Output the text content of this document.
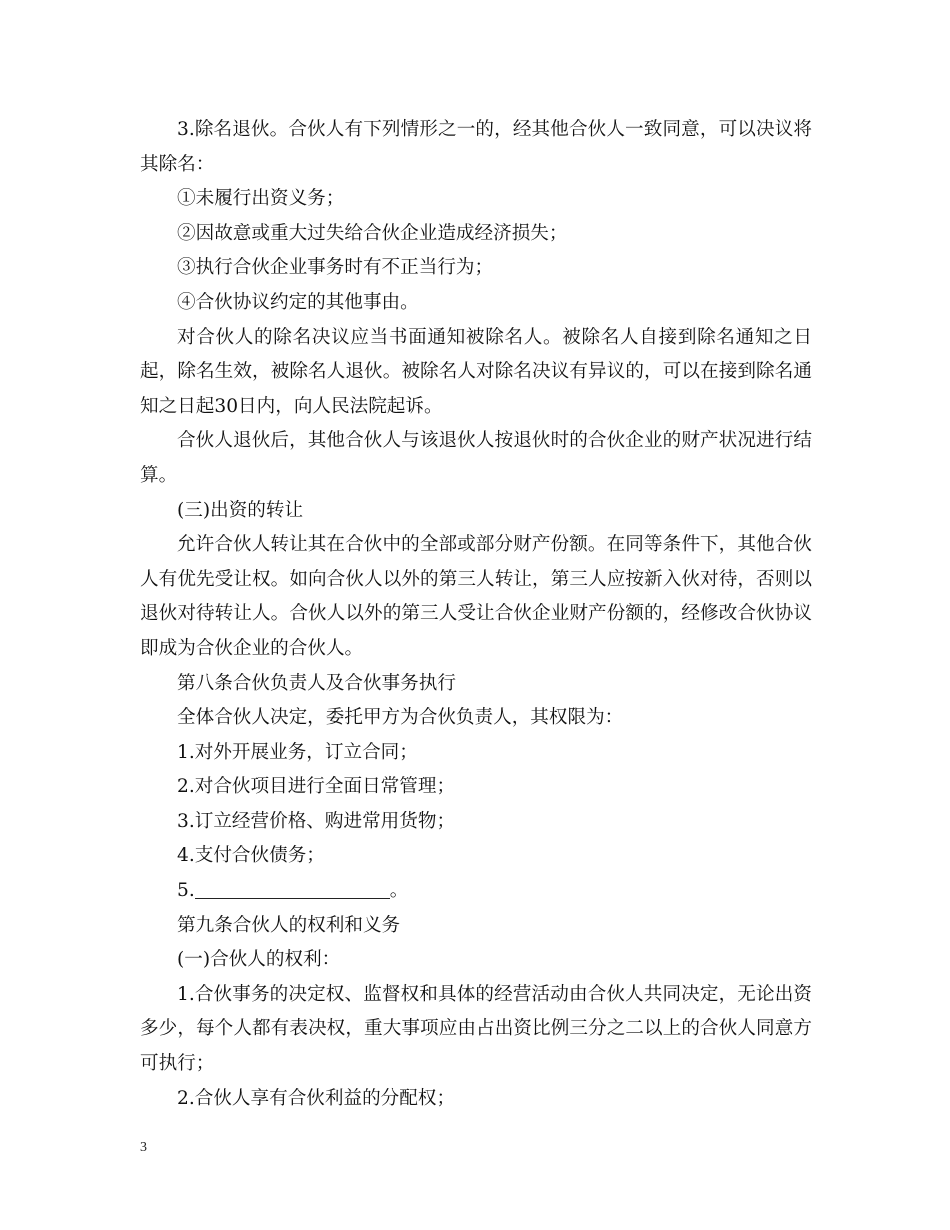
3.除名退伙。合伙人有下列情形之一的，经其他合伙人一致同意，可以决议将其除名：

①未履行出资义务；

②因故意或重大过失给合伙企业造成经济损失；

③执行合伙企业事务时有不正当行为；

④合伙协议约定的其他事由。

对合伙人的除名决议应当书面通知被除名人。被除名人自接到除名通知之日起，除名生效，被除名人退伙。被除名人对除名决议有异议的，可以在接到除名通知之日起30日内，向人民法院起诉。

合伙人退伙后，其他合伙人与该退伙人按退伙时的合伙企业的财产状况进行结算。

(三)出资的转让

允许合伙人转让其在合伙中的全部或部分财产份额。在同等条件下，其他合伙人有优先受让权。如向合伙人以外的第三人转让，第三人应按新入伙对待，否则以退伙对待转让人。合伙人以外的第三人受让合伙企业财产份额的，经修改合伙协议即成为合伙企业的合伙人。

第八条合伙负责人及合伙事务执行

全体合伙人决定，委托甲方为合伙负责人，其权限为：

1.对外开展业务，订立合同；

2.对合伙项目进行全面日常管理；

3.订立经营价格、购进常用货物；

4.支付合伙债务；

5.	。

第九条合伙人的权利和义务

(一)合伙人的权利：

1.合伙事务的决定权、监督权和具体的经营活动由合伙人共同决定，无论出资多少，每个人都有表决权，重大事项应由占出资比例三分之二以上的合伙人同意方可执行；

2.合伙人享有合伙利益的分配权；

3
